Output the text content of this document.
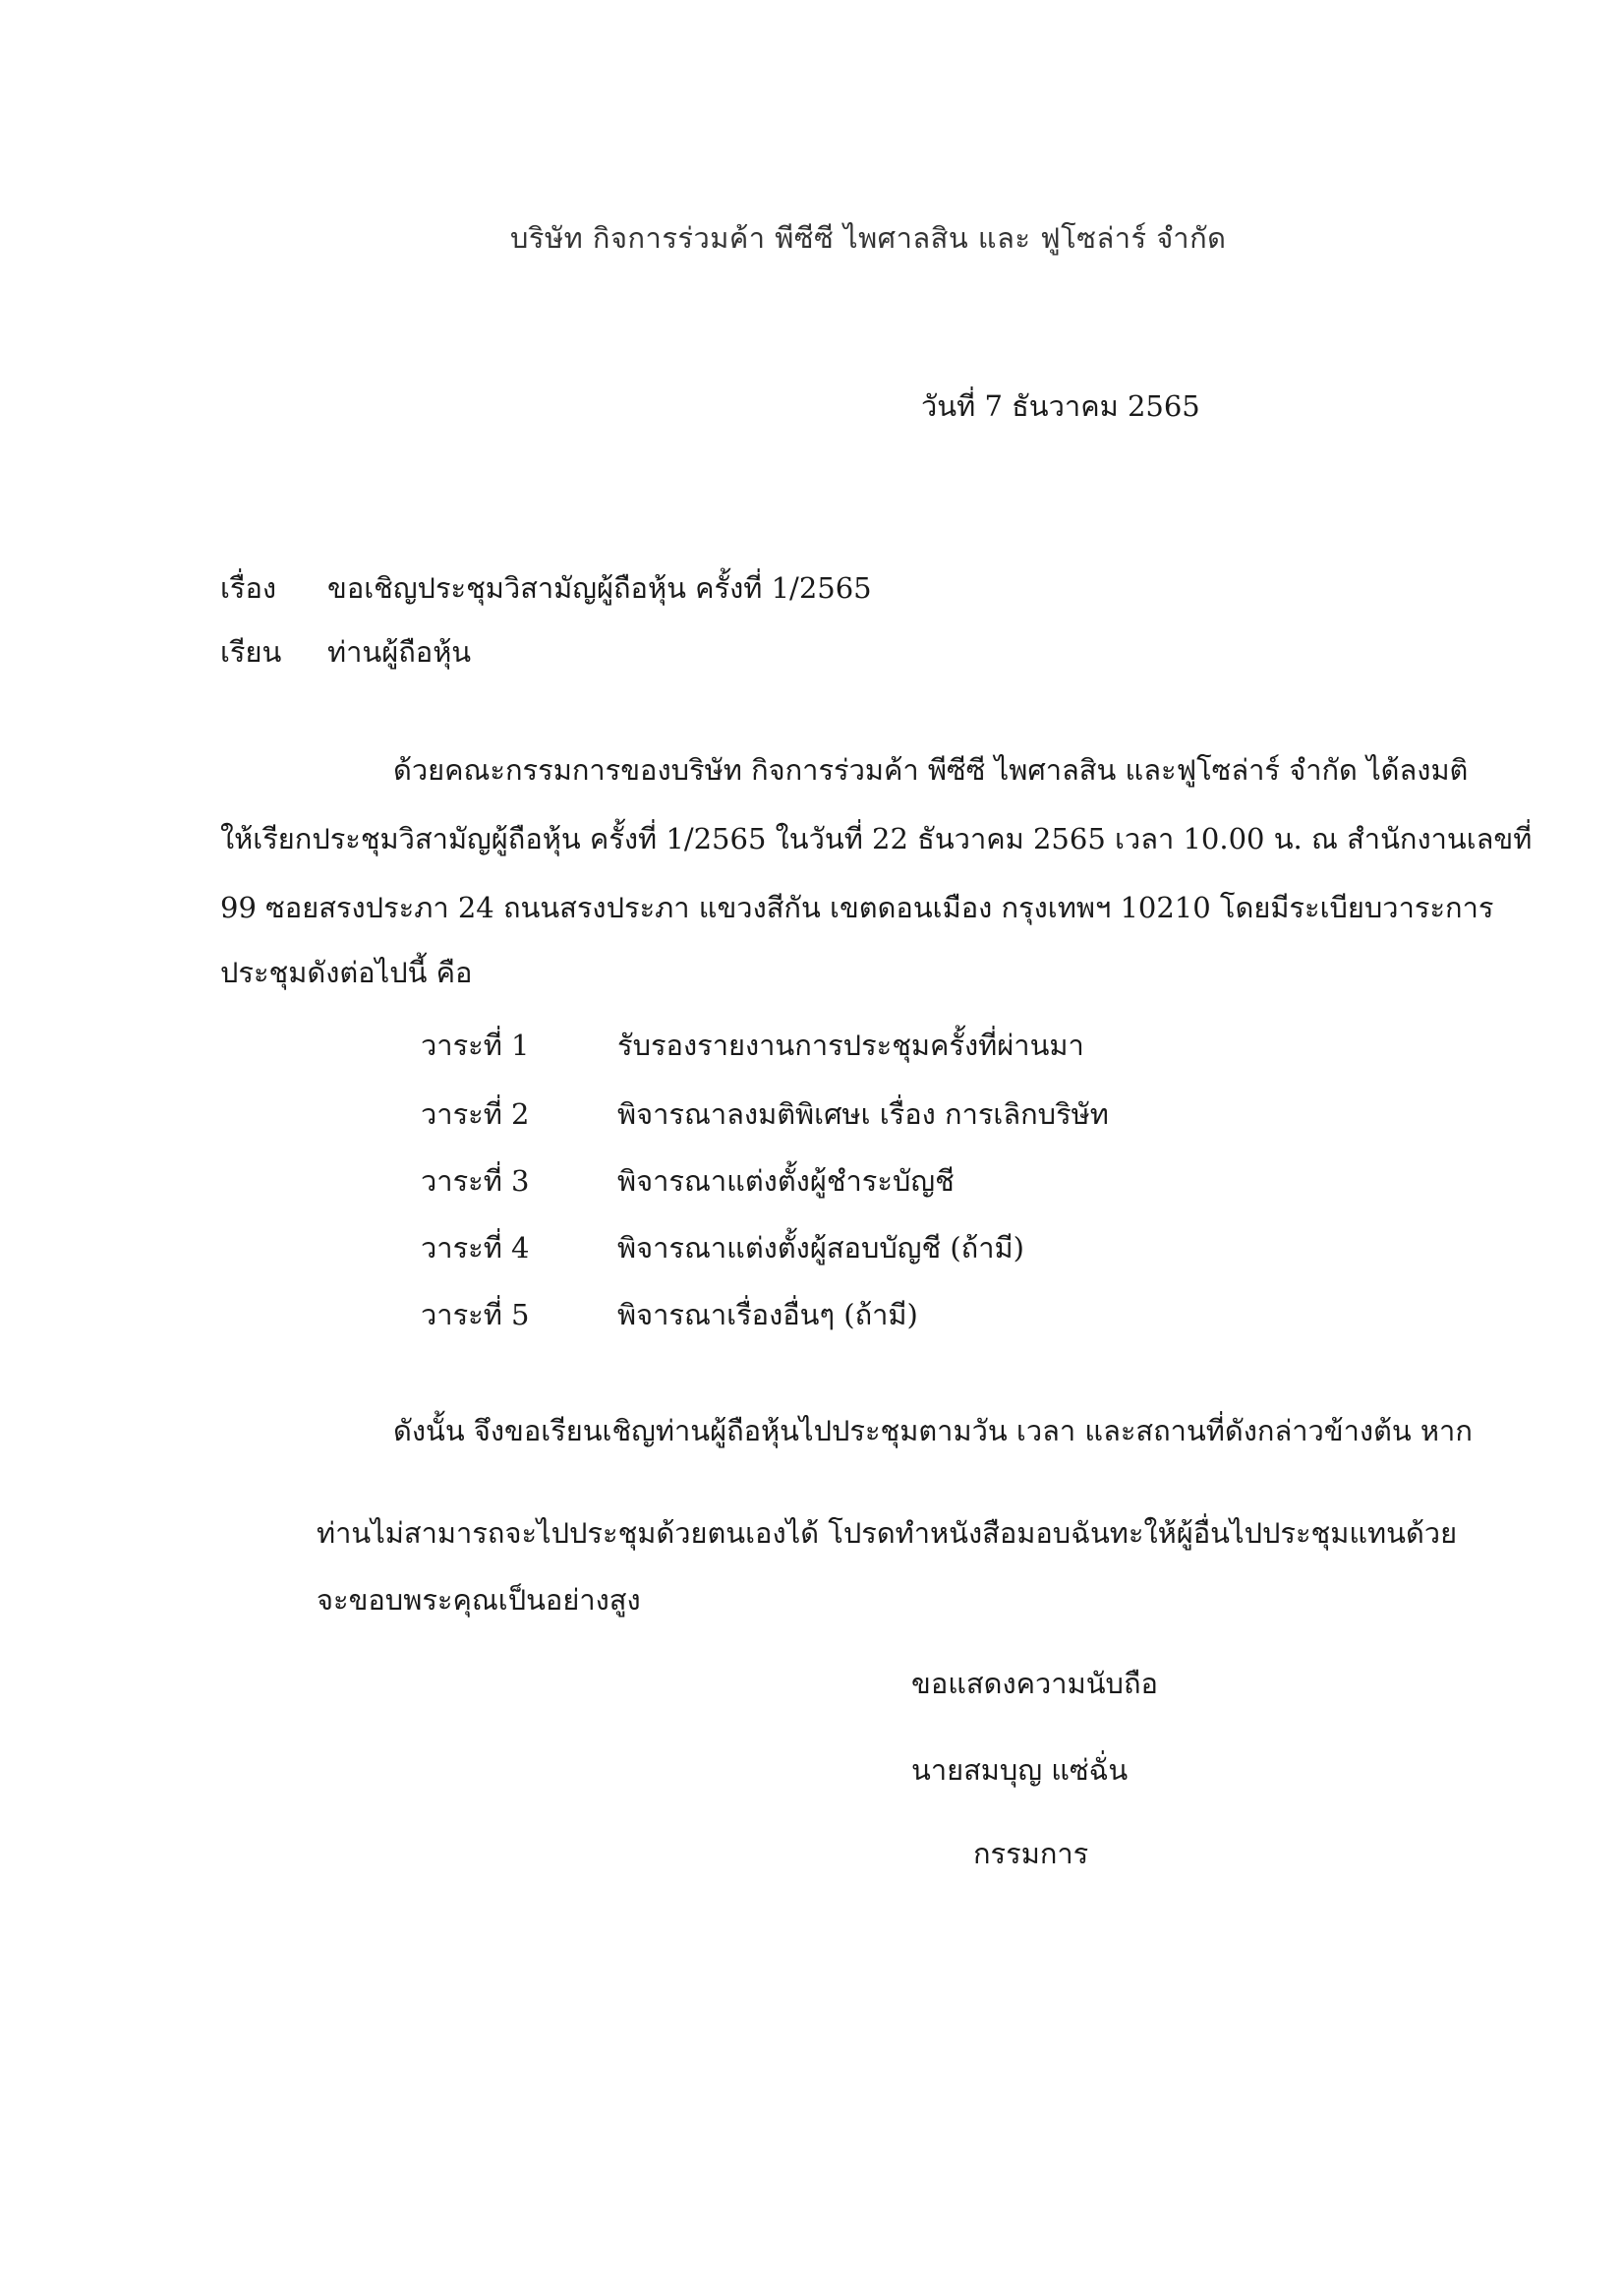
บริษัท กิจการร่วมค้า พีซีซี ไพศาลสิน และ ฟูโซล่าร์ จำกัด
วันที่ 7 ธันวาคม 2565
เรื่อง ขอเชิญประชุมวิสามัญผู้ถือหุ้น ครั้งที่ 1/2565
เรียน ท่านผู้ถือหุ้น
ด้วยคณะกรรมการของบริษัท กิจการร่วมค้า พีซีซี ไพศาลสิน และฟูโซล่าร์ จำกัด ได้ลงมติ
ให้เรียกประชุมวิสามัญผู้ถือหุ้น ครั้งที่ 1/2565 ในวันที่ 22 ธันวาคม 2565 เวลา 10.00 น. ณ สำนักงานเลขที่
99 ซอยสรงประภา 24 ถนนสรงประภา แขวงสีกัน เขตดอนเมือง กรุงเทพฯ 10210 โดยมีระเบียบวาระการ
ประชุมดังต่อไปนี้ คือ
วาระที่ 1	รับรองรายงานการประชุมครั้งที่ผ่านมา
วาระที่ 2	พิจารณาลงมติพิเศษเ เรื่อง การเลิกบริษัท
วาระที่ 3	พิจารณาแต่งตั้งผู้ชำระบัญชี
วาระที่ 4	พิจารณาแต่งตั้งผู้สอบบัญชี (ถ้ามี)
วาระที่ 5	พิจารณาเรื่องอื่นๆ (ถ้ามี)
ดังนั้น จึงขอเรียนเชิญท่านผู้ถือหุ้นไปประชุมตามวัน เวลา และสถานที่ดังกล่าวข้างต้น หาก
ท่านไม่สามารถจะไปประชุมด้วยตนเองได้ โปรดทำหนังสือมอบฉันทะให้ผู้อื่นไปประชุมแทนด้วย
จะขอบพระคุณเป็นอย่างสูง
ขอแสดงความนับถือ
นายสมบุญ แซ่ฉั่น
กรรมการ
